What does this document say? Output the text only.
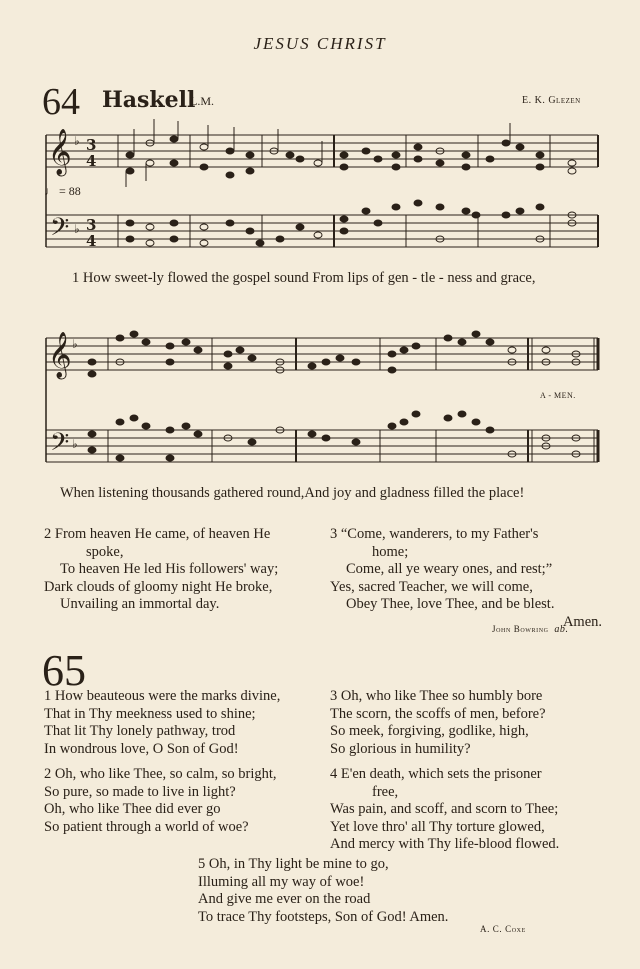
JESUS CHRIST
64 Haskell
L.M.	E. K. Glezen
𝄞
𝄢
♭
♭
3
4
3
4
♩ = 88
1 How sweet-ly flowed the gospel sound From lips of gen - tle - ness and grace,
𝄞
𝄢
♭
♭
A - MEN.
When listening thousands gathered round,And joy and gladness filled the place!
2 From heaven He came, of heaven He
spoke,
To heaven He led His followers' way;
Dark clouds of gloomy night He broke,
Unvailing an immortal day.
3 “Come, wanderers, to my Father's
home;
Come, all ye weary ones, and rest;”
Yes, sacred Teacher, we will come,
Obey Thee, love Thee, and be blest.
Amen.
John Bowring ab.
65
1 How beauteous were the marks divine,
That in Thy meekness used to shine;
That lit Thy lonely pathway, trod
In wondrous love, O Son of God!
3 Oh, who like Thee so humbly bore
The scorn, the scoffs of men, before?
So meek, forgiving, godlike, high,
So glorious in humility?
2 Oh, who like Thee, so calm, so bright,
So pure, so made to live in light?
Oh, who like Thee did ever go
So patient through a world of woe?
4 E'en death, which sets the prisoner
free,
Was pain, and scoff, and scorn to Thee;
Yet love thro' all Thy torture glowed,
And mercy with Thy life-blood flowed.
5 Oh, in Thy light be mine to go,
Illuming all my way of woe!
And give me ever on the road
To trace Thy footsteps, Son of God! Amen.
A. C. Coxe
